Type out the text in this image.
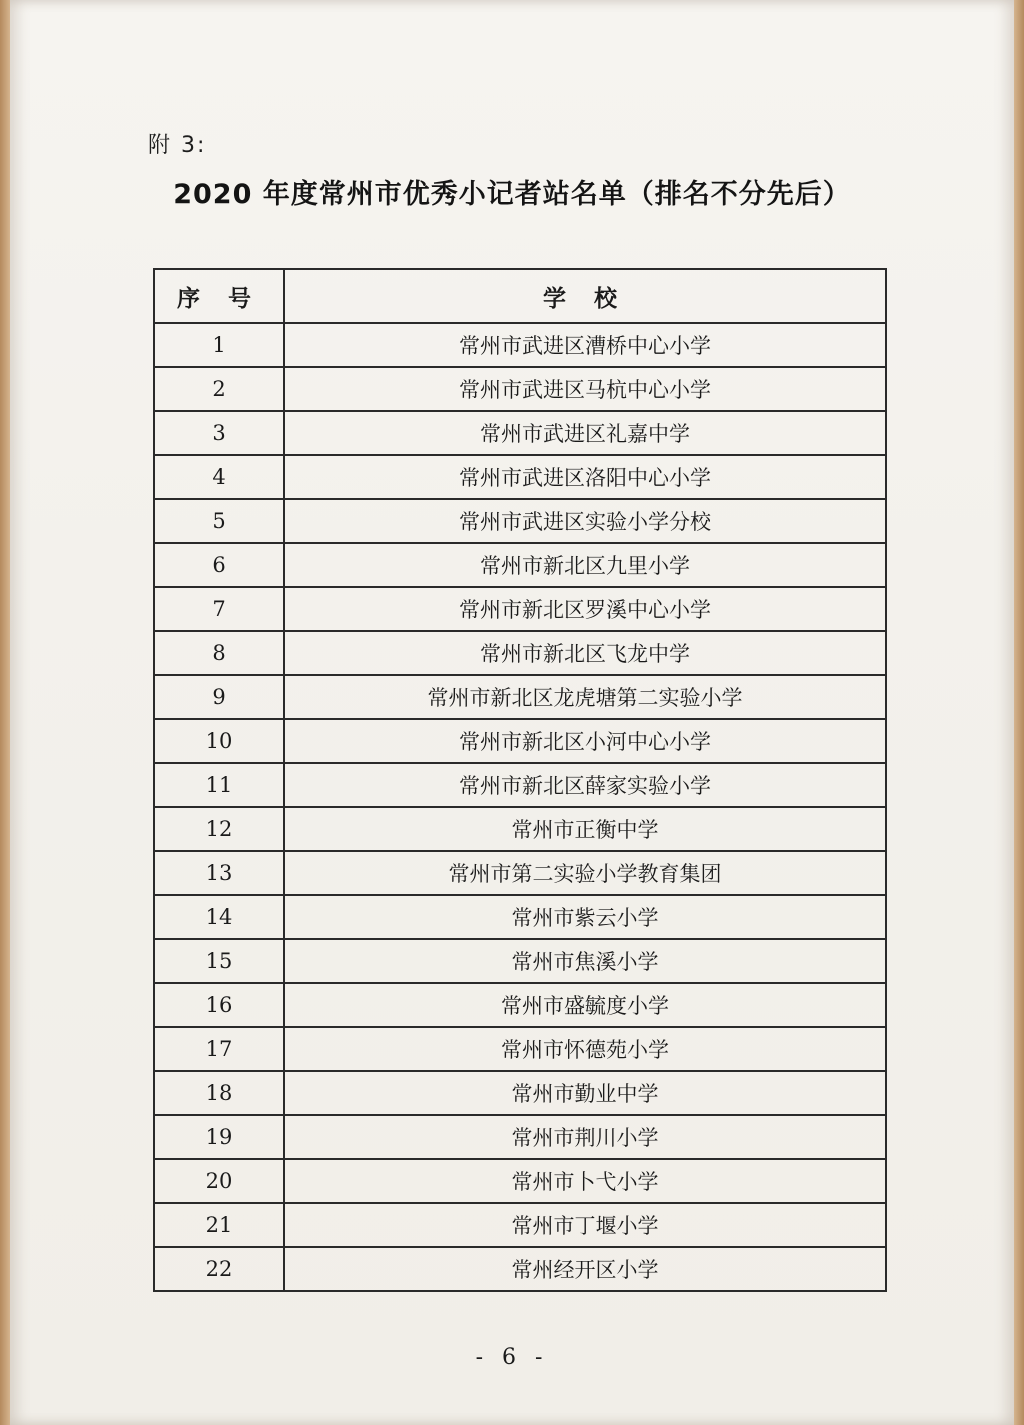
附 3:
2020 年度常州市优秀小记者站名单（排名不分先后）
序 号	学 校
1	常州市武进区漕桥中心小学
2	常州市武进区马杭中心小学
3	常州市武进区礼嘉中学
4	常州市武进区洛阳中心小学
5	常州市武进区实验小学分校
6	常州市新北区九里小学
7	常州市新北区罗溪中心小学
8	常州市新北区飞龙中学
9	常州市新北区龙虎塘第二实验小学
10	常州市新北区小河中心小学
11	常州市新北区薛家实验小学
12	常州市正衡中学
13	常州市第二实验小学教育集团
14	常州市紫云小学
15	常州市焦溪小学
16	常州市盛毓度小学
17	常州市怀德苑小学
18	常州市勤业中学
19	常州市荆川小学
20	常州市卜弋小学
21	常州市丁堰小学
22	常州经开区小学
- 6 -
